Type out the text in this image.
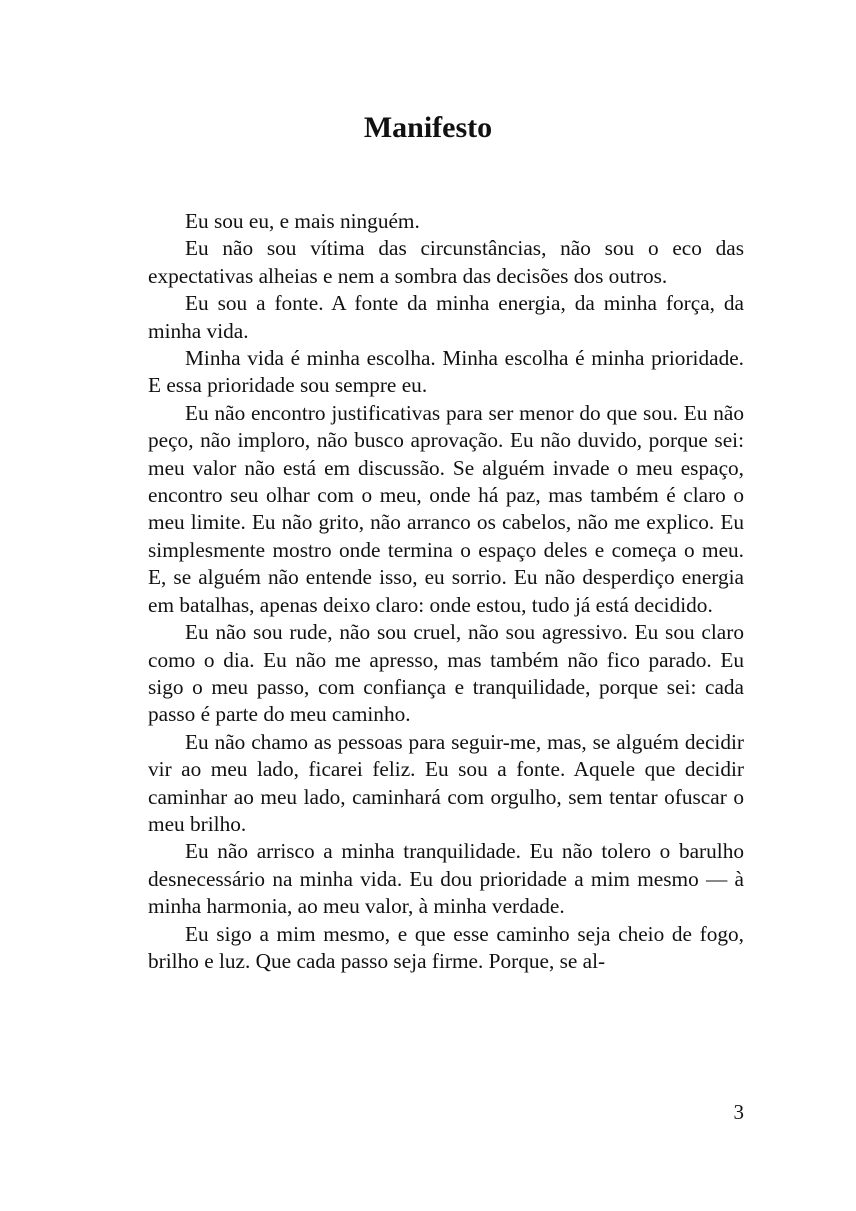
Manifesto

Eu sou eu, e mais ninguém.

Eu não sou vítima das circunstâncias, não sou o eco das expectativas alheias e nem a sombra das decisões dos outros.

Eu sou a fonte. A fonte da minha energia, da minha força, da minha vida.

Minha vida é minha escolha. Minha escolha é minha prioridade. E essa prioridade sou sempre eu.

Eu não encontro justificativas para ser menor do que sou. Eu não peço, não imploro, não busco aprovação. Eu não duvido, porque sei: meu valor não está em discussão. Se alguém invade o meu espaço, encontro seu olhar com o meu, onde há paz, mas também é claro o meu limite. Eu não grito, não arranco os cabelos, não me explico. Eu simplesmente mostro onde termina o espaço deles e começa o meu. E, se alguém não entende isso, eu sorrio. Eu não desperdiço energia em batalhas, apenas deixo claro: onde estou, tudo já está decidido.

Eu não sou rude, não sou cruel, não sou agressivo. Eu sou claro como o dia. Eu não me apresso, mas também não fico parado. Eu sigo o meu passo, com confiança e tranquilidade, porque sei: cada passo é parte do meu caminho.

Eu não chamo as pessoas para seguir-me, mas, se alguém decidir vir ao meu lado, ficarei feliz. Eu sou a fonte. Aquele que decidir caminhar ao meu lado, caminhará com orgulho, sem tentar ofuscar o meu brilho.

Eu não arrisco a minha tranquilidade. Eu não tolero o barulho desnecessário na minha vida. Eu dou prioridade a mim mesmo — à minha harmonia, ao meu valor, à minha verdade.

Eu sigo a mim mesmo, e que esse caminho seja cheio de fogo, brilho e luz. Que cada passo seja firme. Porque, se al-

3
